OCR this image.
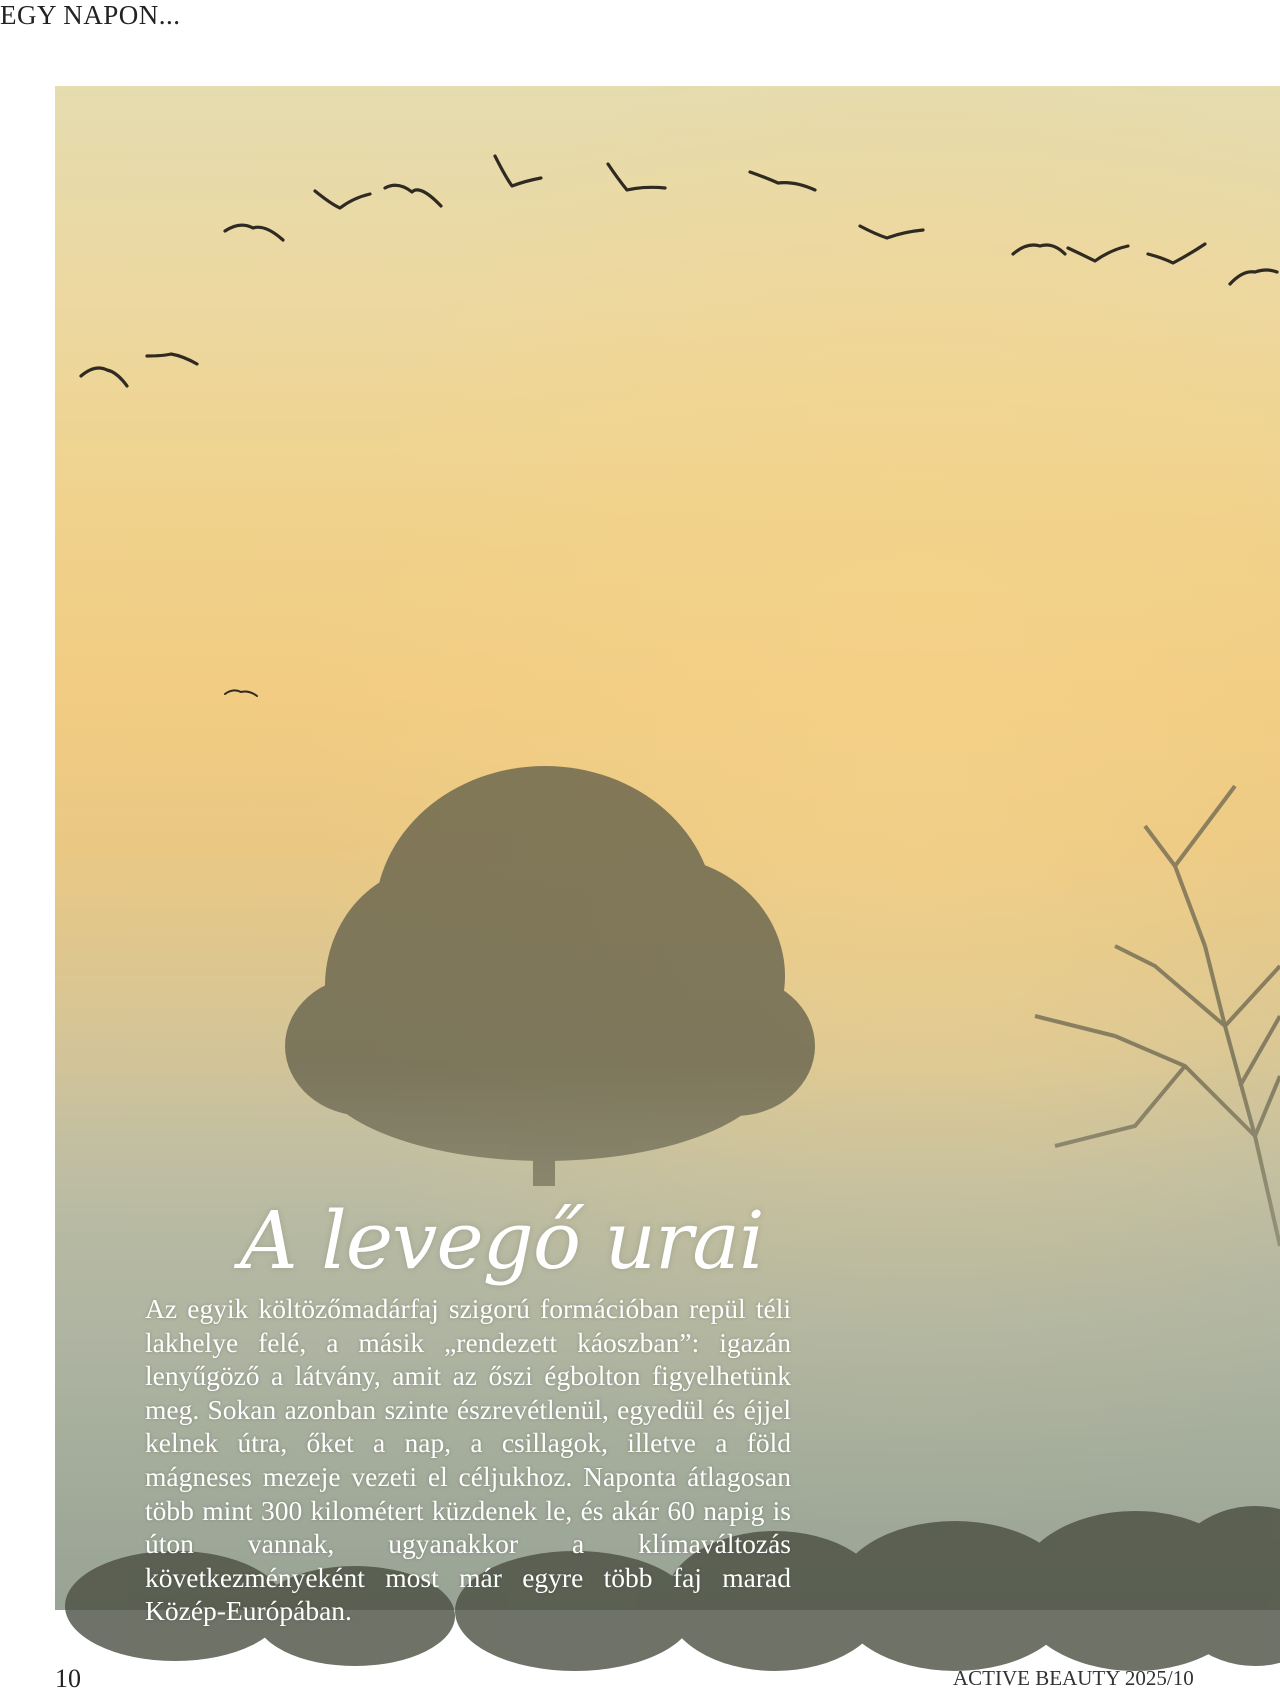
EGY NAPON...
A levegő urai

Az egyik költözőmadárfaj szigorú formációban repül téli lakhelye felé, a másik „rendezett káoszban”: igazán lenyűgöző a látvány, amit az őszi égbolton figyelhetünk meg. Sokan azonban szinte észrevétlenül, egyedül és éjjel kelnek útra, őket a nap, a csillagok, illetve a föld mágneses mezeje vezeti el céljukhoz. Naponta átlagosan több mint 300 kilométert küzdenek le, és akár 60 napig is úton vannak, ugyanakkor a klímaváltozás következményeként most már egyre több faj marad Közép-Európában.

10	ACTIVE BEAUTY 2025/10
